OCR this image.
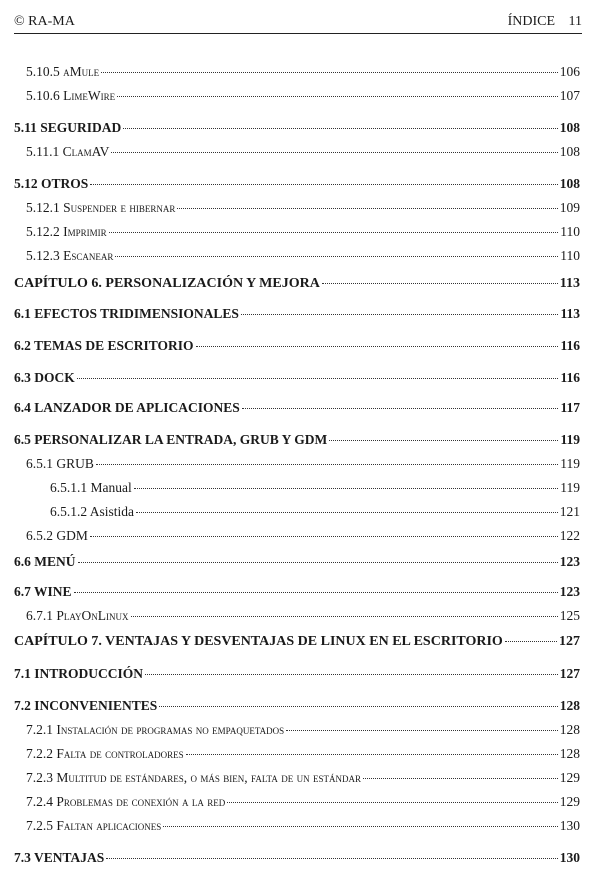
© RA-MA	ÍNDICE 11
5.10.5 aMule	106
5.10.6 LimeWire	107
5.11 SEGURIDAD	108
5.11.1 ClamAV	108
5.12 OTROS	108
5.12.1 Suspender e hibernar	109
5.12.2 Imprimir	110
5.12.3 Escanear	110
CAPÍTULO 6. PERSONALIZACIÓN Y MEJORA	113
6.1 EFECTOS TRIDIMENSIONALES	113
6.2 TEMAS DE ESCRITORIO	116
6.3 DOCK	116
6.4 LANZADOR DE APLICACIONES	117
6.5 PERSONALIZAR LA ENTRADA, GRUB Y GDM	119
6.5.1 GRUB	119
6.5.1.1 Manual	119
6.5.1.2 Asistida	121
6.5.2 GDM	122
6.6 MENÚ	123
6.7 WINE	123
6.7.1 PlayOnLinux	125
CAPÍTULO 7. VENTAJAS Y DESVENTAJAS DE LINUX EN EL ESCRITORIO	127
7.1 INTRODUCCIÓN	127
7.2 INCONVENIENTES	128
7.2.1 Instalación de programas no empaquetados	128
7.2.2 Falta de controladores	128
7.2.3 Multitud de estándares, o más bien, falta de un estándar	129
7.2.4 Problemas de conexión a la red	129
7.2.5 Faltan aplicaciones	130
7.3 VENTAJAS	130
